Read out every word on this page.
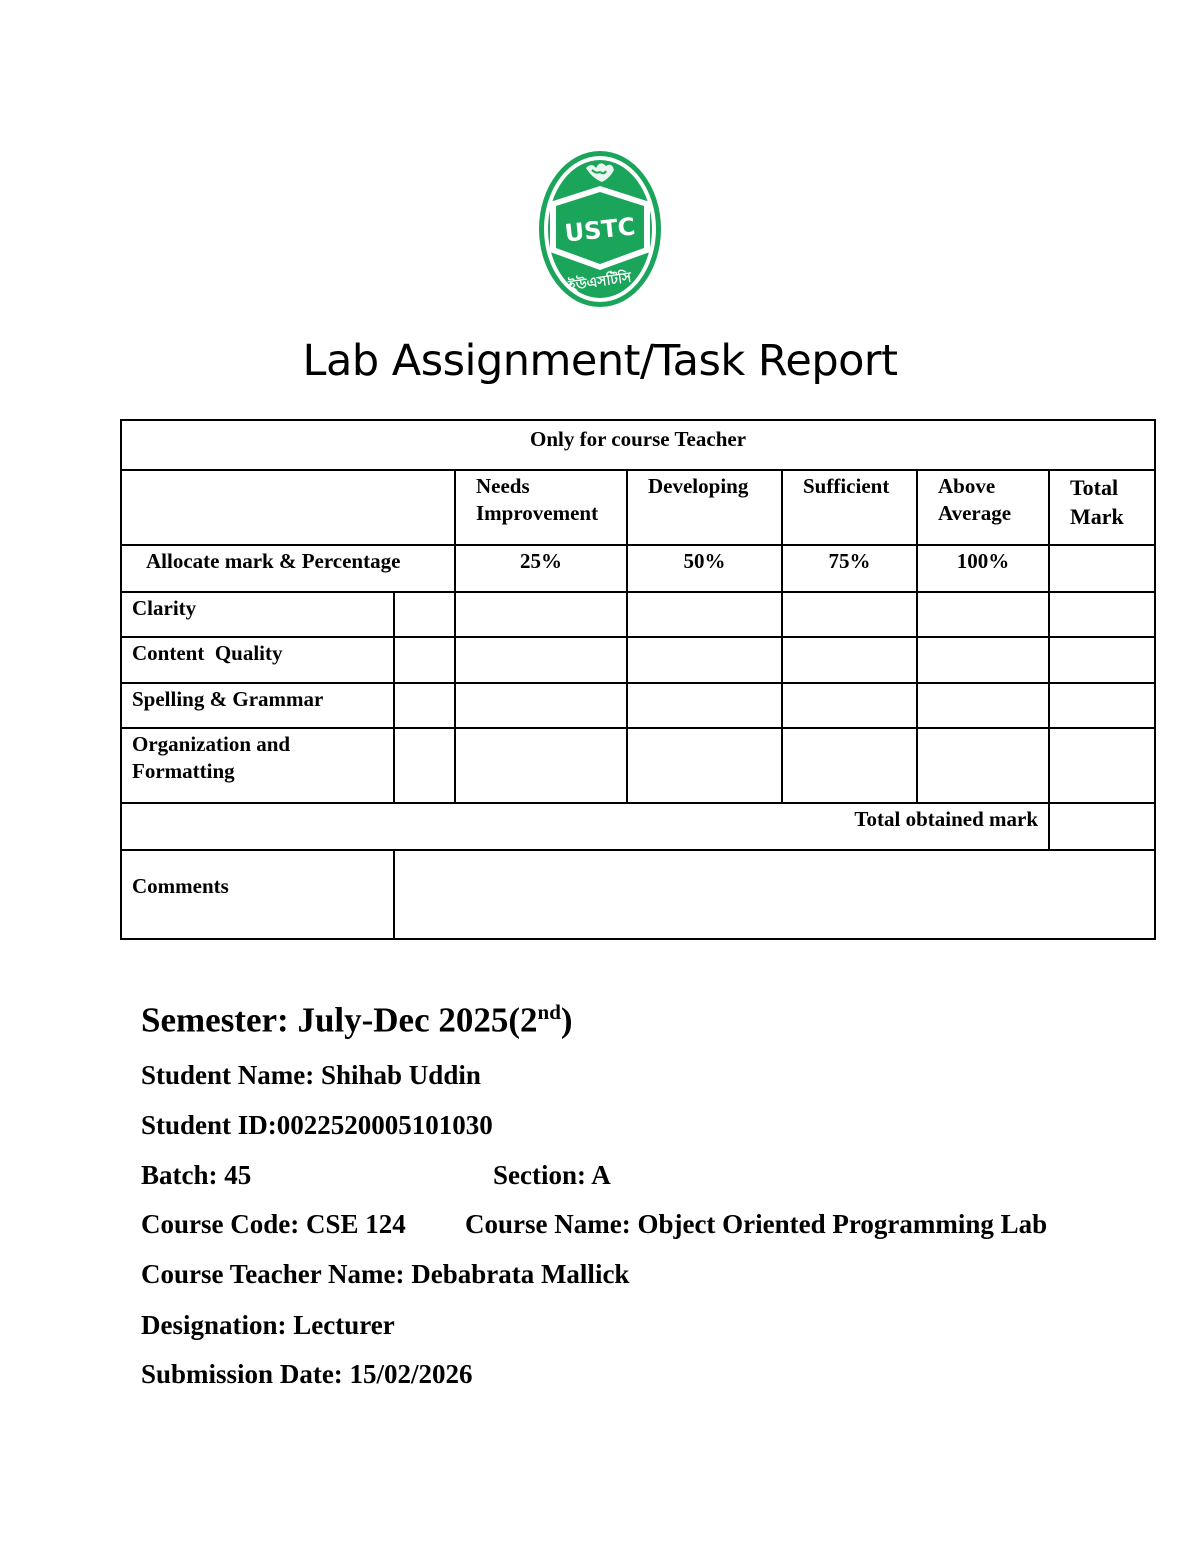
USTC
ইউএসটিসি
Lab Assignment/Task Report
Only for course Teacher						
		Needs Improvement	Developing	Sufficient	Above Average	Total Mark
Allocate mark & Percentage		25%	50%	75%	100%	
Clarity						
Content  Quality						
Spelling & Grammar						
Organization and Formatting						
Total obtained mark						
Comments						
Semester: July-Dec 2025(2nd)
Student Name: Shihab Uddin
Student ID:0022520005101030
Batch: 45	Section: A
Course Code: CSE 124 Course Name: Object Oriented Programming Lab
Course Teacher Name: Debabrata Mallick
Designation: Lecturer
Submission Date: 15/02/2026
